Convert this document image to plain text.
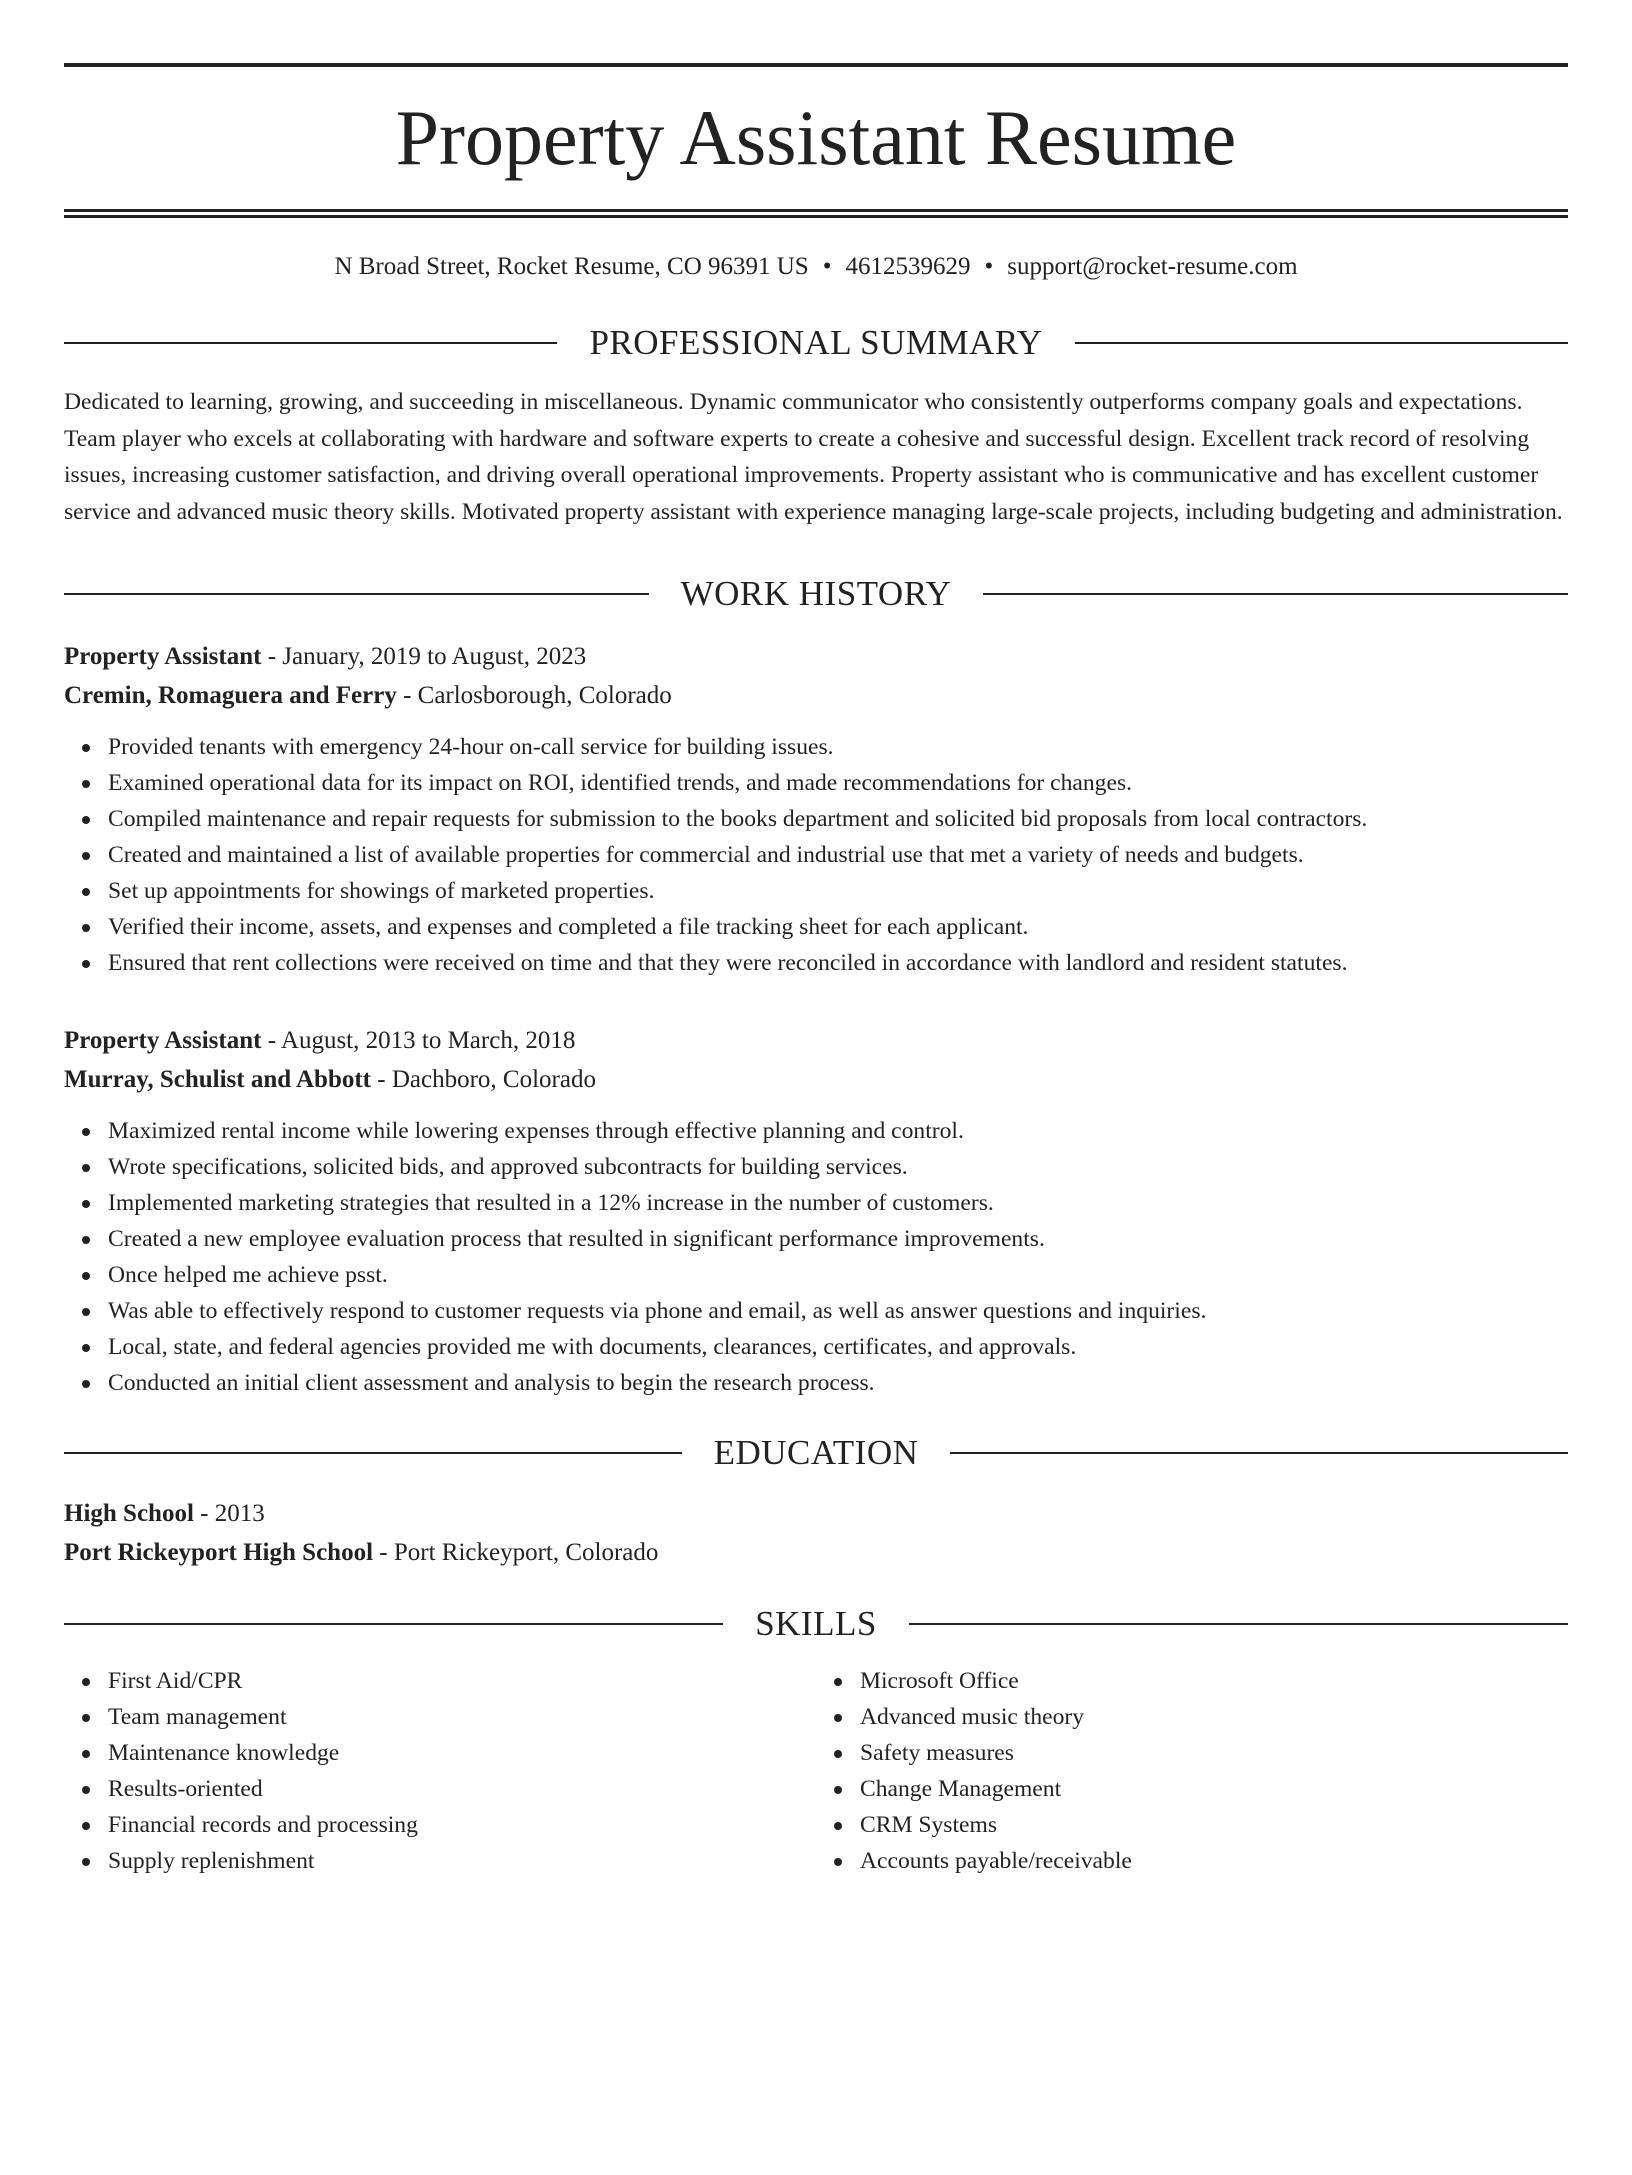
Property Assistant Resume
N Broad Street, Rocket Resume, CO 96391 US • 4612539629 • support@rocket-resume.com
PROFESSIONAL SUMMARY
Dedicated to learning, growing, and succeeding in miscellaneous. Dynamic communicator who consistently outperforms company goals and expectations. Team player who excels at collaborating with hardware and software experts to create a cohesive and successful design. Excellent track record of resolving issues, increasing customer satisfaction, and driving overall operational improvements. Property assistant who is communicative and has excellent customer service and advanced music theory skills. Motivated property assistant with experience managing large-scale projects, including budgeting and administration.
WORK HISTORY
Property Assistant - January, 2019 to August, 2023
Cremin, Romaguera and Ferry - Carlosborough, Colorado
Provided tenants with emergency 24-hour on-call service for building issues.
Examined operational data for its impact on ROI, identified trends, and made recommendations for changes.
Compiled maintenance and repair requests for submission to the books department and solicited bid proposals from local contractors.
Created and maintained a list of available properties for commercial and industrial use that met a variety of needs and budgets.
Set up appointments for showings of marketed properties.
Verified their income, assets, and expenses and completed a file tracking sheet for each applicant.
Ensured that rent collections were received on time and that they were reconciled in accordance with landlord and resident statutes.
Property Assistant - August, 2013 to March, 2018
Murray, Schulist and Abbott - Dachboro, Colorado
Maximized rental income while lowering expenses through effective planning and control.
Wrote specifications, solicited bids, and approved subcontracts for building services.
Implemented marketing strategies that resulted in a 12% increase in the number of customers.
Created a new employee evaluation process that resulted in significant performance improvements.
Once helped me achieve psst.
Was able to effectively respond to customer requests via phone and email, as well as answer questions and inquiries.
Local, state, and federal agencies provided me with documents, clearances, certificates, and approvals.
Conducted an initial client assessment and analysis to begin the research process.
EDUCATION
High School - 2013
Port Rickeyport High School - Port Rickeyport, Colorado
SKILLS
First Aid/CPR
Team management
Maintenance knowledge
Results-oriented
Financial records and processing
Supply replenishment
Microsoft Office
Advanced music theory
Safety measures
Change Management
CRM Systems
Accounts payable/receivable
